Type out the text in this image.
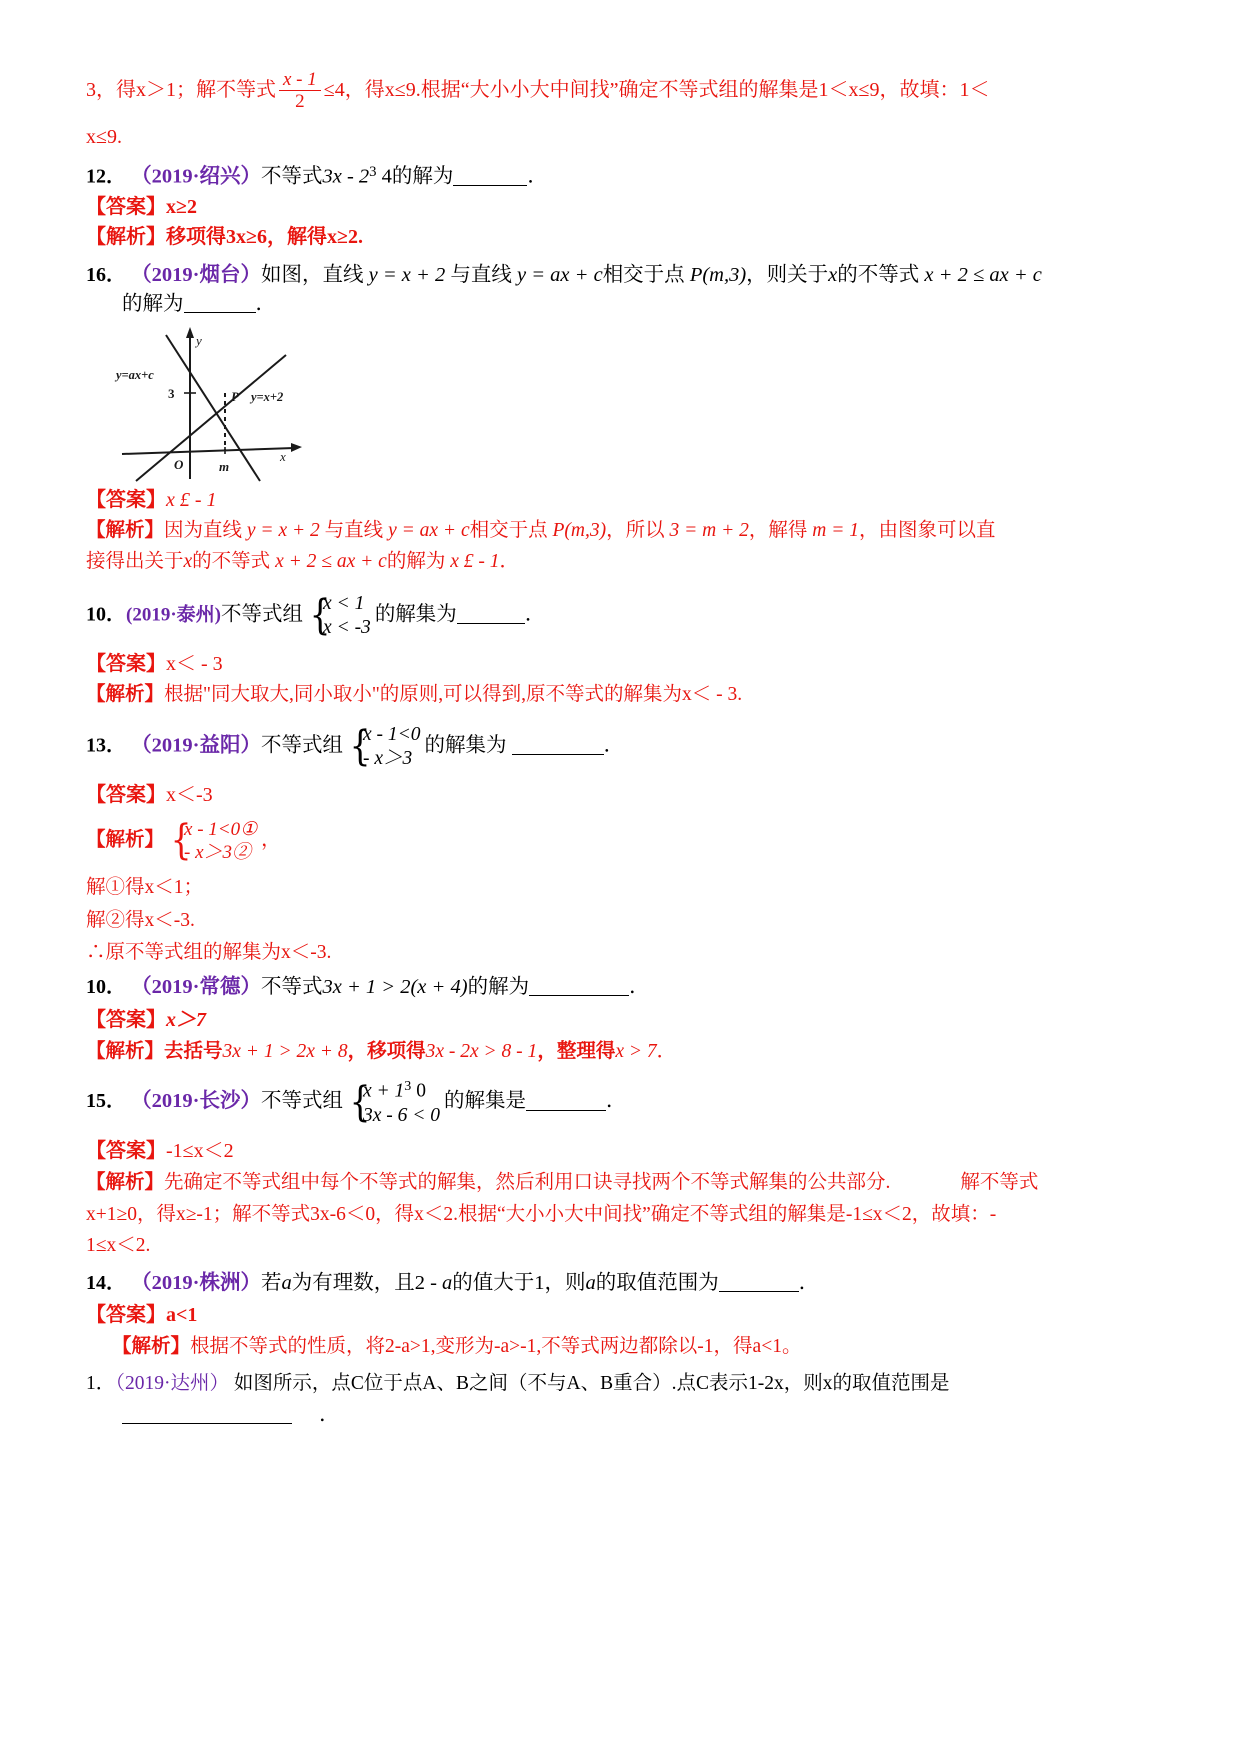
3，得x＞1；解不等式 $\frac{x - 1}{2} \le 4$，得x≤9.根据“大小小大中间找”确定不等式组的解集是1＜x≤9，故填：1＜
x≤9.
12． （2019·绍兴）不等式$3x - 2^3$ 4的解为	．
【答案】x≥2
【解析】移项得3x≥6，解得x≥2.
16． （2019·烟台）如图，直线 y = x + 2 与直线 y = ax + c相交于点 P(m,3)，则关于x的不等式 x + 2 ≤ ax + c
的解为	．
y
x
y=ax+c
y=x+2
3	P
O	m
【答案】x £ - 1
【解析】因为直线 y = x + 2 与直线 y = ax + c相交于点 P(m,3)，所以 3 = m + 2，解得 m = 1，由图象可以直
接得出关于x的不等式 x + 2 ≤ ax + c的解为 x £ - 1．
10．(2019·泰州)不等式组 {
x < 1
x < -3
的解集为	．
【答案】x＜ - 3
【解析】根据"同大取大,同小取小"的原则,可以得到,原不等式的解集为x＜ - 3.
13． （2019·益阳）不等式组 {
x - 1<0
- x＞3
的解集为	．
【答案】x＜-3
【解析】 {
x - 1<0①
- x＞3②
，
解①得x＜1；
解②得x＜-3.
∴原不等式组的解集为x＜-3.
10． （2019·常德）不等式3x + 1 > 2(x + 4)的解为	．
【答案】x＞7
【解析】去括号3x + 1 > 2x + 8，移项得3x - 2x > 8 - 1，整理得x > 7．
15． （2019·长沙）不等式组 {
$x + 1^3$ 0
3x - 6 < 0
的解集是	．
【答案】-1≤x＜2
【解析】先确定不等式组中每个不等式的解集，然后利用口诀寻找两个不等式解集的公共部分.	解不等式
x+1≥0，得x≥-1；解不等式3x-6＜0，得x＜2.根据“大小小大中间找”确定不等式组的解集是-1≤x＜2，故填：-
1≤x＜2.
14． （2019·株洲）若a为有理数，且2 - a的值大于1，则a的取值范围为	．
【答案】a<1
【解析】根据不等式的性质，将2-a>1,变形为-a>-1,不等式两边都除以-1，得a<1。
1．（2019·达州） 如图所示，点C位于点A、B之间（不与A、B重合）.点C表示1-2x，则x的取值范围是
．
